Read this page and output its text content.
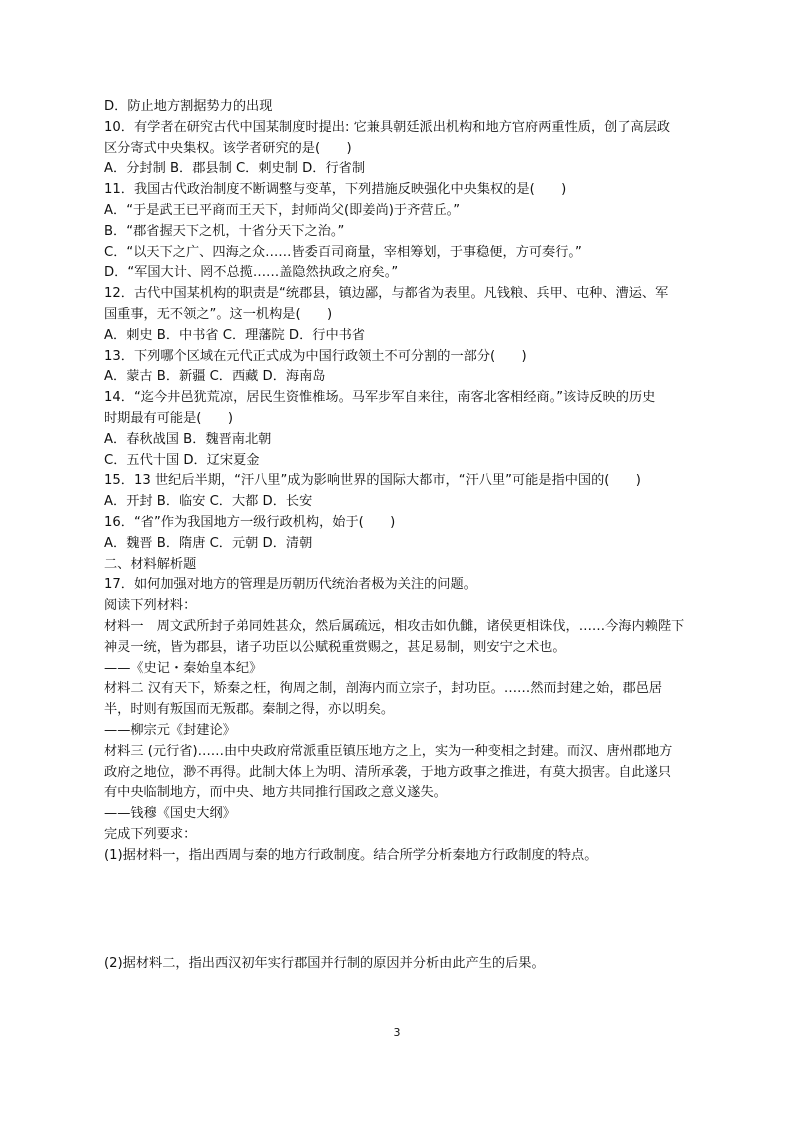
D．防止地方割据势力的出现
10．有学者在研究古代中国某制度时提出: 它兼具朝廷派出机构和地方官府两重性质，创了高层政
区分寄式中央集权。该学者研究的是(　　)
A．分封制 B．郡县制 C．刺史制 D．行省制
11．我国古代政治制度不断调整与变革，下列措施反映强化中央集权的是(　　)
A．“于是武王已平商而王天下，封师尚父(即姜尚)于齐营丘。”
B．“郡省握天下之机，十省分天下之治。”
C．“以天下之广、四海之众……皆委百司商量，宰相筹划，于事稳便，方可奏行。”
D．“军国大计、罔不总揽……盖隐然执政之府矣。”
12．古代中国某机构的职责是“统郡县，镇边鄙，与都省为表里。凡钱粮、兵甲、屯种、漕运、军
国重事，无不领之”。这一机构是(　　)
A．刺史 B．中书省 C．理藩院 D．行中书省
13．下列哪个区域在元代正式成为中国行政领土不可分割的一部分(　　)
A．蒙古 B．新疆 C．西藏 D．海南岛
14．“迄今井邑犹荒凉，居民生资惟椎场。马军步军自来往，南客北客相经商。”该诗反映的历史
时期最有可能是(　　)
A．春秋战国 B．魏晋南北朝
C．五代十国 D．辽宋夏金
15．13 世纪后半期，“汗八里”成为影响世界的国际大都市，“汗八里”可能是指中国的(　　)
A．开封 B．临安 C．大都 D．长安
16．“省”作为我国地方一级行政机构，始于(　　)
A．魏晋 B．隋唐 C．元朝 D．清朝
二、材料解析题
17．如何加强对地方的管理是历朝历代统治者极为关注的问题。
阅读下列材料：
材料一　周文武所封子弟同姓甚众，然后属疏远，相攻击如仇雠，诸侯更相诛伐，……今海内赖陛下
神灵一统，皆为郡县，诸子功臣以公赋税重赏赐之，甚足易制，则安宁之术也。
——《史记・秦始皇本纪》
材料二 汉有天下，矫秦之枉，徇周之制，剖海内而立宗子，封功臣。……然而封建之始，郡邑居
半，时则有叛国而无叛郡。秦制之得，亦以明矣。
——柳宗元《封建论》
材料三 (元行省)……由中央政府常派重臣镇压地方之上，实为一种变相之封建。而汉、唐州郡地方
政府之地位，渺不再得。此制大体上为明、清所承袭，于地方政事之推进，有莫大损害。自此遂只
有中央临制地方，而中央、地方共同推行国政之意义遂失。
——钱穆《国史大纲》
完成下列要求：
(1)据材料一，指出西周与秦的地方行政制度。结合所学分析秦地方行政制度的特点。
(2)据材料二，指出西汉初年实行郡国并行制的原因并分析由此产生的后果。
3
